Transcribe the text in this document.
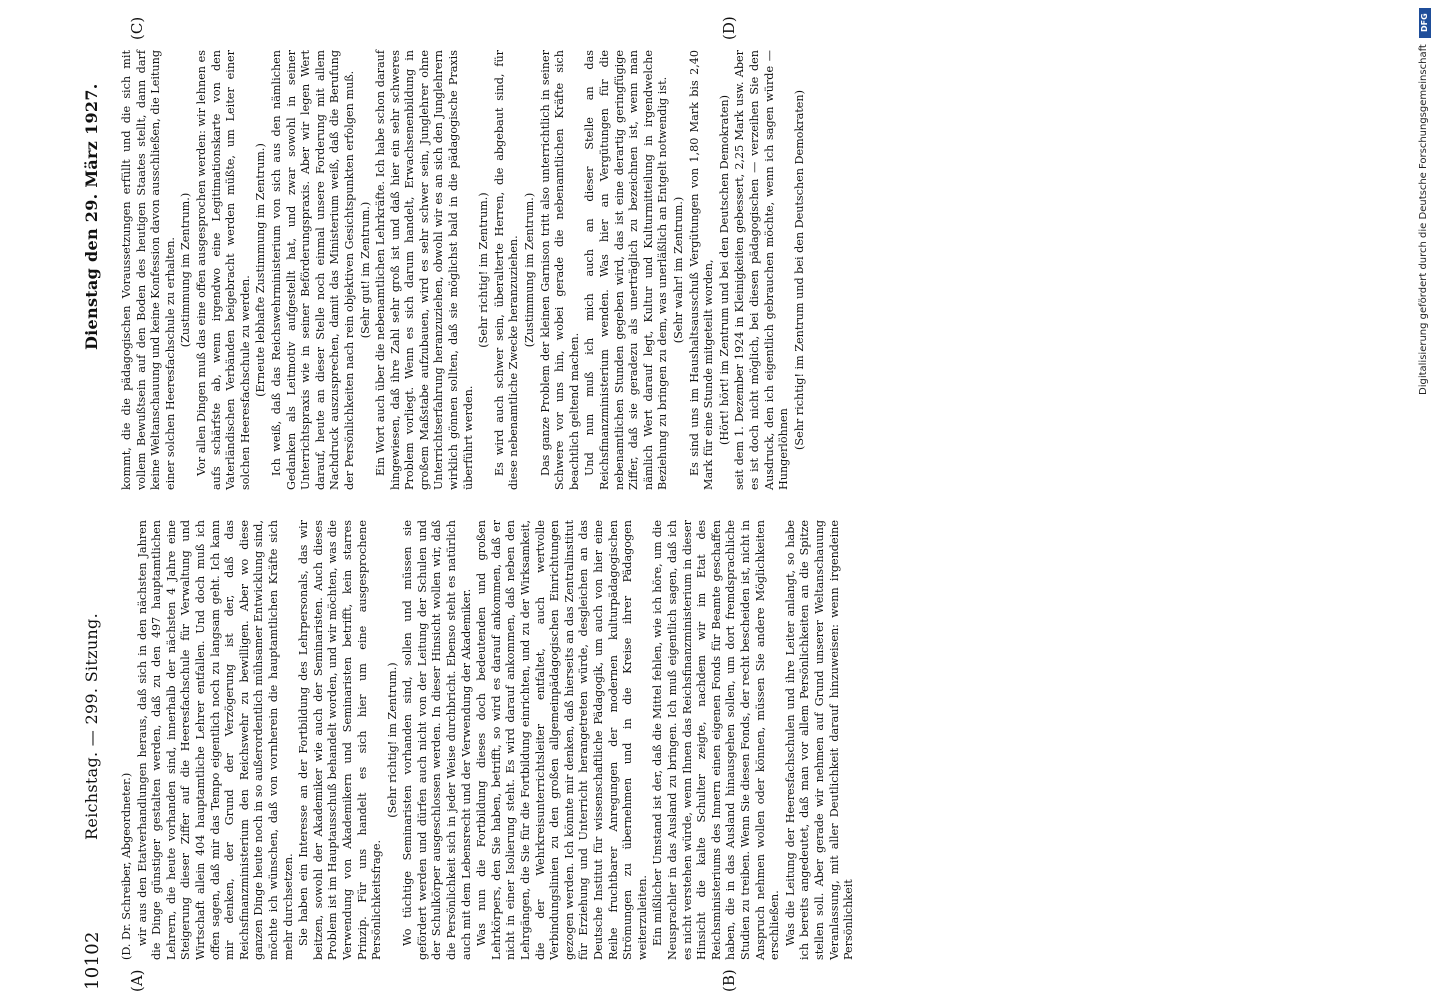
10102
Reichstag. — 299. Sitzung.
Dienstag den 29. März 1927.
(A)	(B)
(C)	(D)

(D. Dr. Schreiber, Abgeordneter.) wir aus den Etatverhandlungen heraus, daß sich in den nächsten Jahren die Dinge günstiger gestalten werden, daß zu den 497 hauptamtlichen Lehrern, die heute vorhanden sind, innerhalb der nächsten 4 Jahre eine Steigerung dieser Ziffer auf die Heeresfachschule für Verwaltung und Wirtschaft allein 404 hauptamtliche Lehrer entfallen. Und doch muß ich offen sagen, daß mir das Tempo eigentlich noch zu langsam geht. Ich kann mir denken, der Grund der Verzögerung ist der, daß das Reichsfinanzministerium den Reichswehr zu bewilligen. Aber wo diese ganzen Dinge heute noch in so außerordentlich mühsamer Entwicklung sind, möchte ich wünschen, daß von vornherein die hauptamtlichen Kräfte sich mehr durchsetzen. Sie haben ein Interesse an der Fortbildung des Lehrpersonals, das wir beitzen, sowohl der Akademiker wie auch der Seminaristen. Auch dieses Problem ist im Hauptausschuß behandelt worden, und wir möchten, was die Verwendung von Akademikern und Seminaristen betrifft, kein starres Prinzip. Für uns handelt es sich hier um eine ausgesprochene Persönlichkeitsfrage.

(Sehr richtig! im Zentrum.) Wo tüchtige Seminaristen vorhanden sind, sollen und müssen sie gefördert werden und dürfen auch nicht von der Leitung der Schulen und der Schulkörper ausgeschlossen werden. In dieser Hinsicht wollen wir, daß die Persönlichkeit sich in jeder Weise durchbricht. Ebenso steht es natürlich auch mit dem Lebensrecht und der Verwendung der Akademiker. Was nun die Fortbildung dieses doch bedeutenden und großen Lehrkörpers, den Sie haben, betrifft, so wird es darauf ankommen, daß er nicht in einer Isolierung steht. Es wird darauf ankommen, daß neben den Lehrgängen, die Sie für die Fortbildung einrichten, und zu der Wirksamkeit, die der Wehrkreisunterrichtsleiter entfaltet, auch wertvolle Verbindungslinien zu den großen allgemeinpädagogischen Einrichtungen gezogen werden. Ich könnte mir denken, daß hierseits an das Zentralinstitut für Erziehung und Unterricht herangetreten würde, desgleichen an das Deutsche Institut für wissenschaftliche Pädagogik, um auch von hier eine Reihe fruchtbarer Anregungen der modernen kulturpädagogischen Strömungen zu übernehmen und in die Kreise ihrer Pädagogen weiterzuleiten. Ein mißlicher Umstand ist der, daß die Mittel fehlen, wie ich höre, um die Neusprachler in das Ausland zu bringen. Ich muß eigentlich sagen, daß ich es nicht verstehen würde, wenn Ihnen das Reichsfinanzministerium in dieser Hinsicht die kalte Schulter zeigte, nachdem wir im Etat des Reichsministeriums des Innern einen eigenen Fonds für Beamte geschaffen haben, die in das Ausland hinausgehen sollen, um dort fremdsprachliche Studien zu treiben. Wenn Sie diesen Fonds, der recht bescheiden ist, nicht in Anspruch nehmen wollen oder können, müssen Sie andere Möglichkeiten erschließen. Was die Leitung der Heeresfachschulen und ihre Leiter anlangt, so habe ich bereits angedeutet, daß man vor allem Persönlichkeiten an die Spitze stellen soll. Aber gerade wir nehmen auf Grund unserer Weltanschauung Veranlassung, mit aller Deutlichkeit darauf hinzuweisen: wenn irgendeine Persönlichkeit

kommt, die die pädagogischen Voraussetzungen erfüllt und die sich mit vollem Bewußtsein auf den Boden des heutigen Staates stellt, dann darf keine Weltanschauung und keine Konfession davon ausschließen, die Leitung einer solchen Heeresfachschule zu erhalten. (Zustimmung im Zentrum.) Vor allen Dingen muß das eine offen ausgesprochen werden: wir lehnen es aufs schärfste ab, wenn irgendwo eine Legitimationskarte von den Vaterländischen Verbänden beigebracht werden müßte, um Leiter einer solchen Heeresfachschule zu werden. (Erneute lebhafte Zustimmung im Zentrum.) Ich weiß, daß das Reichswehrministerium von sich aus den nämlichen Gedanken als Leitmotiv aufgestellt hat, und zwar sowohl in seiner Unterrichtspraxis wie in seiner Beförderungspraxis. Aber wir legen Wert darauf, heute an dieser Stelle noch einmal unsere Forderung mit allem Nachdruck auszusprechen, damit das Ministerium weiß, daß die Berufung der Persönlichkeiten nach rein objektiven Gesichtspunkten erfolgen muß. (Sehr gut! im Zentrum.) Ein Wort auch über die nebenamtlichen Lehrkräfte. Ich habe schon darauf hingewiesen, daß ihre Zahl sehr groß ist und daß hier ein sehr schweres Problem vorliegt. Wenn es sich darum handelt, Erwachsenenbildung in großem Maßstabe aufzubauen, wird es sehr schwer sein, Junglehrer ohne Unterrichtserfahrung heranzuziehen, obwohl wir es an sich den Junglehrern wirklich gönnen sollten, daß sie möglichst bald in die pädagogische Praxis überführt werden.

(Sehr richtig! im Zentrum.) Es wird auch schwer sein, überalterte Herren, die abgebaut sind, für diese nebenamtliche Zwecke heranzuziehen. (Zustimmung im Zentrum.) Das ganze Problem der kleinen Garnison tritt also unterrichtlich in seiner Schwere vor uns hin, wobei gerade die nebenamtlichen Kräfte sich beachtlich geltend machen. Und nun muß ich mich auch an dieser Stelle an das Reichsfinanzministerium wenden. Was hier an Vergütungen für die nebenamtlichen Stunden gegeben wird, das ist eine derartig geringfügige Ziffer, daß sie geradezu als unerträglich zu bezeichnen ist, wenn man nämlich Wert darauf legt, Kultur und Kulturmitteilung in irgendwelche Beziehung zu bringen zu dem, was unerläßlich an Entgelt notwendig ist. (Sehr wahr! im Zentrum.) Es sind uns im Haushaltsausschuß Vergütungen von 1,80 Mark bis 2,40 Mark für eine Stunde mitgeteilt worden, (Hört! hört! im Zentrum und bei den Deutschen Demokraten) seit dem 1. Dezember 1924 in Kleinigkeiten gebessert, 2,25 Mark usw. Aber es ist doch nicht möglich, bei diesen pädagogischen — verzeihen Sie den Ausdruck, den ich eigentlich gebrauchen möchte, wenn ich sagen würde — Hungerlöhnen (Sehr richtig! im Zentrum und bei den Deutschen Demokraten)

DFG
Digitalisierung gefördert durch die Deutsche Forschungsgemeinschaft
